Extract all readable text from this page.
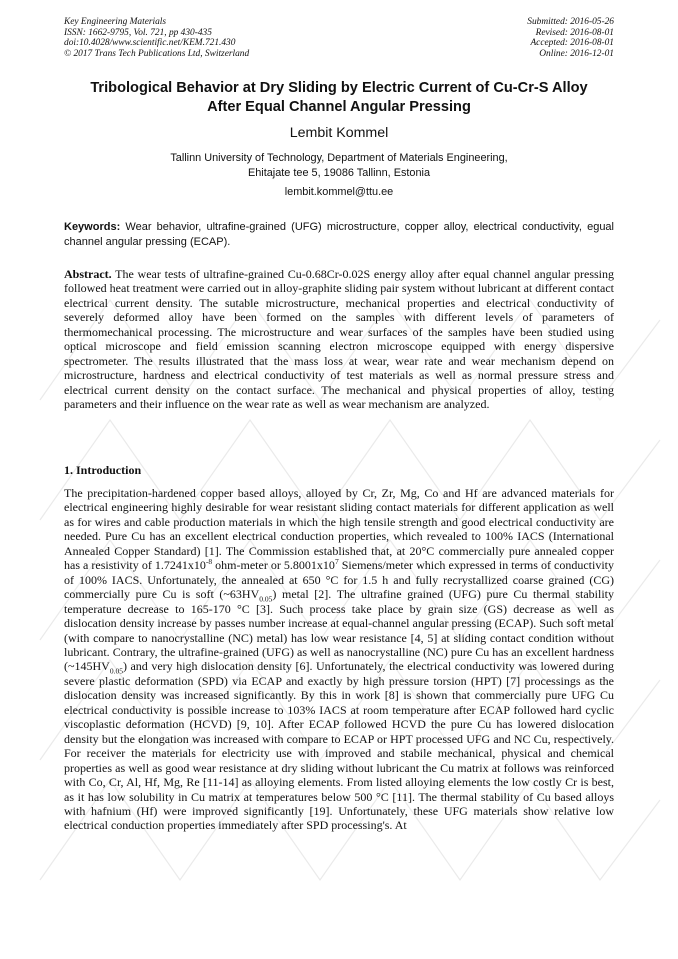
Key Engineering Materials
ISSN: 1662-9795, Vol. 721, pp 430-435
doi:10.4028/www.scientific.net/KEM.721.430
© 2017 Trans Tech Publications Ltd, Switzerland
Submitted: 2016-05-26
Revised: 2016-08-01
Accepted: 2016-08-01
Online: 2016-12-01
Tribological Behavior at Dry Sliding by Electric Current of Cu-Cr-S Alloy
After Equal Channel Angular Pressing
Lembit Kommel
Tallinn University of Technology, Department of Materials Engineering,
Ehitajate tee 5, 19086 Tallinn, Estonia
lembit.kommel@ttu.ee
Keywords: Wear behavior, ultrafine-grained (UFG) microstructure, copper alloy, electrical conductivity, egual channel angular pressing (ECAP).
Abstract. The wear tests of ultrafine-grained Cu-0.68Cr-0.02S energy alloy after equal channel angular pressing followed heat treatment were carried out in alloy-graphite sliding pair system without lubricant at different contact electrical current density. The sutable microstructure, mechanical properties and electrical conductivity of severely deformed alloy have been formed on the samples with different levels of parameters of thermomechanical processing. The microstructure and wear surfaces of the samples have been studied using optical microscope and field emission scanning electron microscope equipped with energy dispersive spectrometer. The results illustrated that the mass loss at wear, wear rate and wear mechanism depend on microstructure, hardness and electrical conductivity of test materials as well as normal pressure stress and electrical current density on the contact surface. The mechanical and physical properties of alloy, testing parameters and their influence on the wear rate as well as wear mechanism are analyzed.
1. Introduction
The precipitation-hardened copper based alloys, alloyed by Cr, Zr, Mg, Co and Hf are advanced materials for electrical engineering highly desirable for wear resistant sliding contact materials for different application as well as for wires and cable production materials in which the high tensile strength and good electrical conductivity are needed. Pure Cu has an excellent electrical conduction properties, which revealed to 100% IACS (International Annealed Copper Standard) [1]. The Commission established that, at 20°C commercially pure annealed copper has a resistivity of $1.7241x10^{-8}$ ohm-meter or $5.8001x10^7$ Siemens/meter which expressed in terms of conductivity of 100% IACS. Unfortunately, the annealed at 650 °C for 1.5 h and fully recrystallized coarse grained (CG) commercially pure Cu is soft $(\sim 63HV_{0.05})$ metal [2]. The ultrafine grained (UFG) pure Cu thermal stability temperature decrease to 165-170 °C [3]. Such process take place by grain size (GS) decrease as well as dislocation density increase by passes number increase at equal-channel angular pressing (ECAP). Such soft metal (with compare to nanocrystalline (NC) metal) has low wear resistance [4, 5] at sliding contact condition without lubricant. Contrary, the ultrafine-grained (UFG) as well as nanocrystalline (NC) pure Cu has an excellent hardness $(\sim 145HV_{0.05})$ and very high dislocation density [6]. Unfortunately, the electrical conductivity was lowered during severe plastic deformation (SPD) via ECAP and exactly by high pressure torsion (HPT) [7] processings as the dislocation density was increased significantly. By this in work [8] is shown that commercially pure UFG Cu electrical conductivity is possible increase to 103% IACS at room temperature after ECAP followed hard cyclic viscoplastic deformation (HCVD) [9, 10]. After ECAP followed HCVD the pure Cu has lowered dislocation density but the elongation was increased with compare to ECAP or HPT processed UFG and NC Cu, respectively. For receiver the materials for electricity use with improved and stabile mechanical, physical and chemical properties as well as good wear resistance at dry sliding without lubricant the Cu matrix at follows was reinforced with Co, Cr, Al, Hf, Mg, Re [11-14] as alloying elements. From listed alloying elements the low costly Cr is best, as it has low solubility in Cu matrix at temperatures below 500 °C [11]. The thermal stability of Cu based alloys with hafnium (Hf) were improved significantly [19]. Unfortunately, these UFG materials show relative low electrical conduction properties immediately after SPD processing's. At
